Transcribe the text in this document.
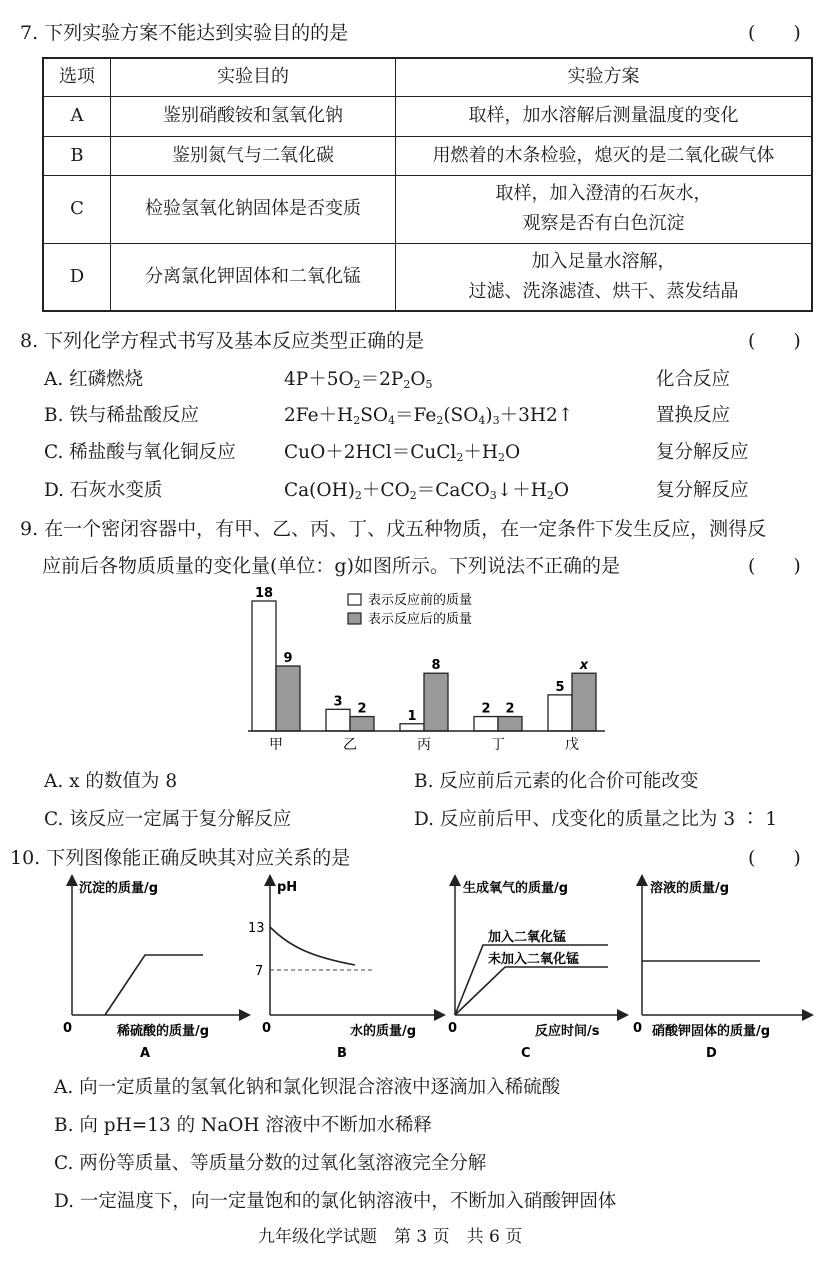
7. 下列实验方案不能达到实验目的的是	(　　)
选项	实验目的	实验方案
A	鉴别硝酸铵和氢氧化钠	取样，加水溶解后测量温度的变化
B	鉴别氮气与二氧化碳	用燃着的木条检验，熄灭的是二氧化碳气体
C	检验氢氧化钠固体是否变质	取样，加入澄清的石灰水，
观察是否有白色沉淀

D	分离氯化钾固体和二氧化锰	加入足量水溶解，
过滤、洗涤滤渣、烘干、蒸发结晶
8. 下列化学方程式书写及基本反应类型正确的是	(　　)
A. 红磷燃烧	$4P+5O_2=2P_2O_5$	化合反应
B. 铁与稀盐酸反应	$2Fe+H_2SO_4=Fe_2(SO_4)_3+3H2↑$	置换反应
C. 稀盐酸与氧化铜反应	$CuO+2HCl=CuCl_2+H_2O$	复分解反应
D. 石灰水变质	$Ca(OH)_2+CO_2=CaCO_3↓+H_2O$	复分解反应
9. 在一个密闭容器中，有甲、乙、丙、丁、戊五种物质，在一定条件下发生反应，测得反
应前后各物质质量的变化量(单位：g)如图所示。下列说法不正确的是	(　　)
18
9
3 2	1
8
2 2
5
x
表示反应前的质量
表示反应后的质量
甲	乙	丙	丁	戊
A. x 的数值为 8	B. 反应前后元素的化合价可能改变
C. 该反应一定属于复分解反应	D. 反应前后甲、戊变化的质量之比为 3 ∶ 1
10. 下列图像能正确反映其对应关系的是	(　　)
沉淀的质量/g
稀硫酸的质量/g
0
A
pH
13
7
水的质量/g
0
B
生成氧气的质量/g
加入二氧化锰
未加入二氧化锰
反应时间/s
0
C
溶液的质量/g
硝酸钾固体的质量/g
0
D
A. 向一定质量的氢氧化钠和氯化钡混合溶液中逐滴加入稀硫酸
B. 向 pH=13 的 NaOH 溶液中不断加水稀释
C. 两份等质量、等质量分数的过氧化氢溶液完全分解
D. 一定温度下，向一定量饱和的氯化钠溶液中，不断加入硝酸钾固体
九年级化学试题　第 3 页　共 6 页
